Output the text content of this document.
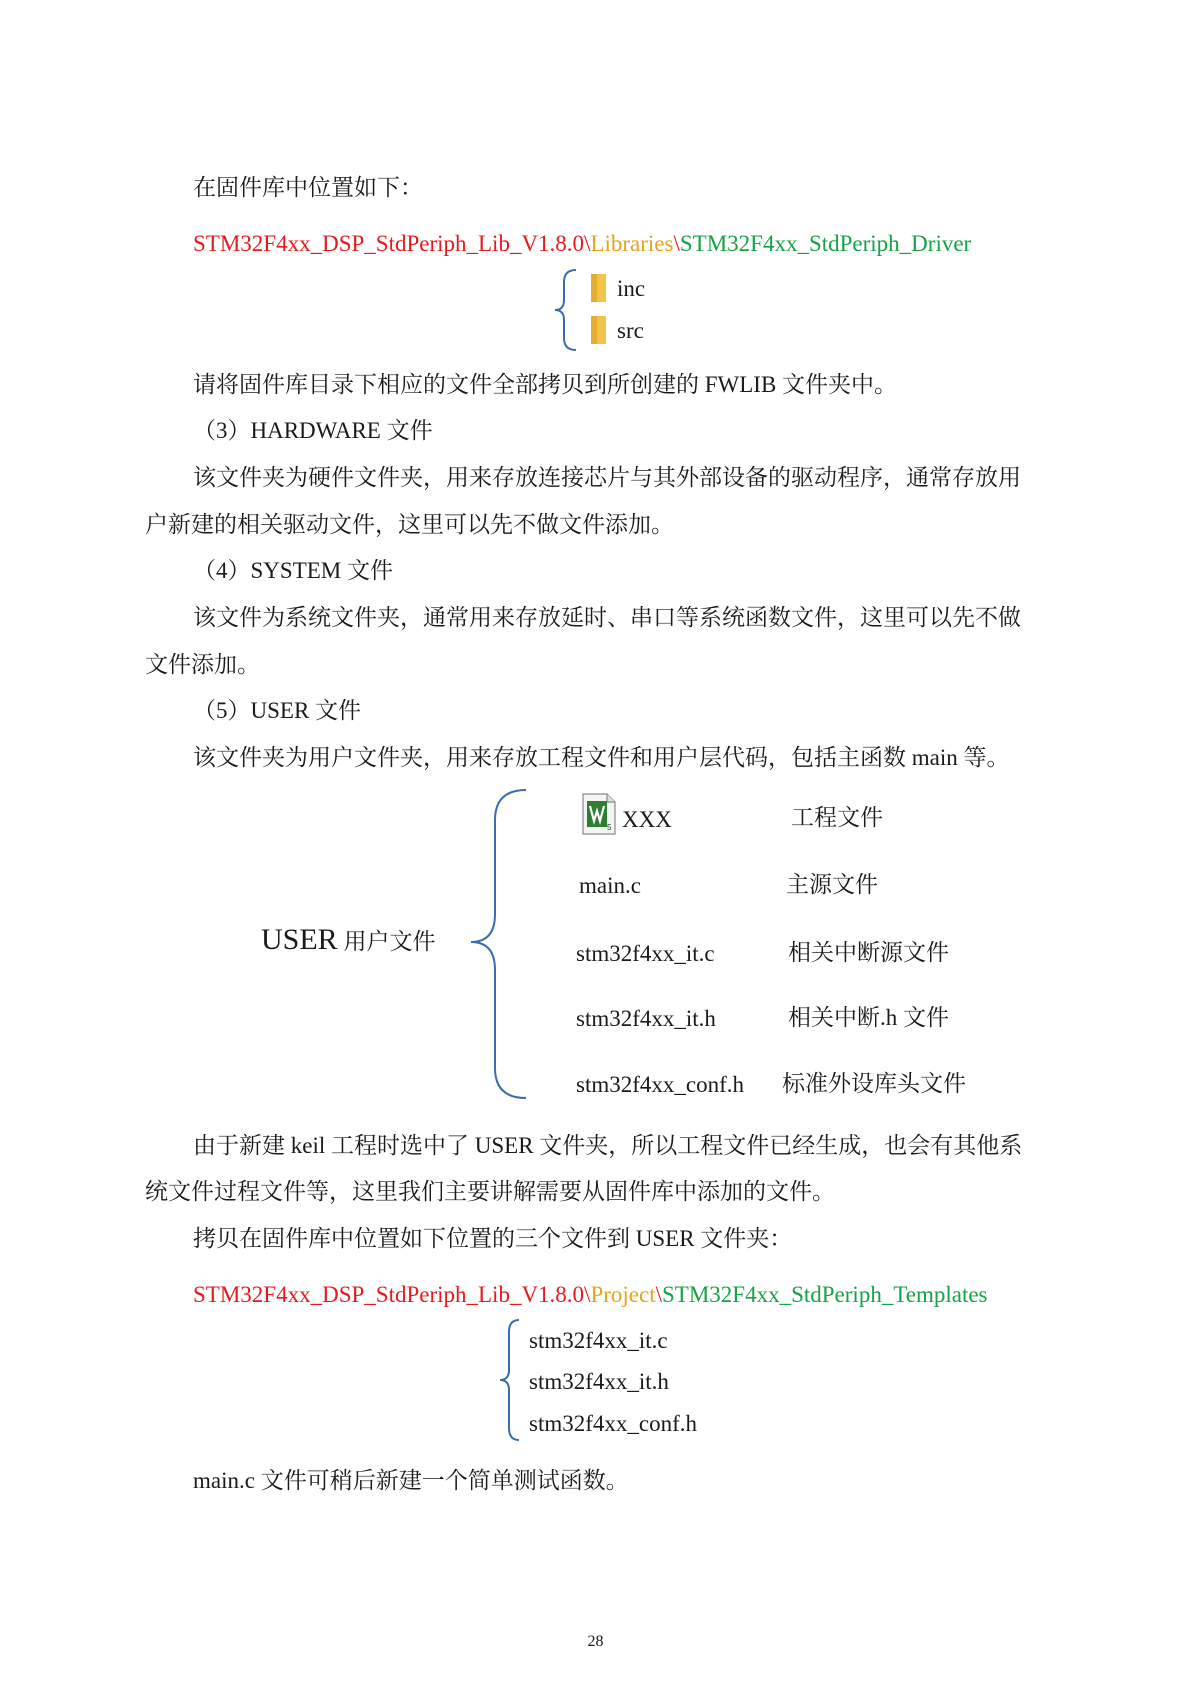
在固件库中位置如下：
STM32F4xx_DSP_StdPeriph_Lib_V1.8.0\Libraries\STM32F4xx_StdPeriph_Driver
inc
src
请将固件库目录下相应的文件全部拷贝到所创建的 FWLIB 文件夹中。
（3）HARDWARE 文件
该文件夹为硬件文件夹，用来存放连接芯片与其外部设备的驱动程序，通常存放用
户新建的相关驱动文件，这里可以先不做文件添加。
（4）SYSTEM 文件
该文件为系统文件夹，通常用来存放延时、串口等系统函数文件，这里可以先不做
文件添加。
（5）USER 文件
该文件夹为用户文件夹，用来存放工程文件和用户层代码，包括主函数 main 等。
USER 用户文件
5 XXX	工程文件
main.c	主源文件
stm32f4xx_it.c	相关中断源文件
stm32f4xx_it.h	相关中断.h 文件
stm32f4xx_conf.h 标准外设库头文件
由于新建 keil 工程时选中了 USER 文件夹，所以工程文件已经生成，也会有其他系
统文件过程文件等，这里我们主要讲解需要从固件库中添加的文件。
拷贝在固件库中位置如下位置的三个文件到 USER 文件夹：
STM32F4xx_DSP_StdPeriph_Lib_V1.8.0\Project\STM32F4xx_StdPeriph_Templates
stm32f4xx_it.c
stm32f4xx_it.h
stm32f4xx_conf.h
main.c 文件可稍后新建一个简单测试函数。
28
